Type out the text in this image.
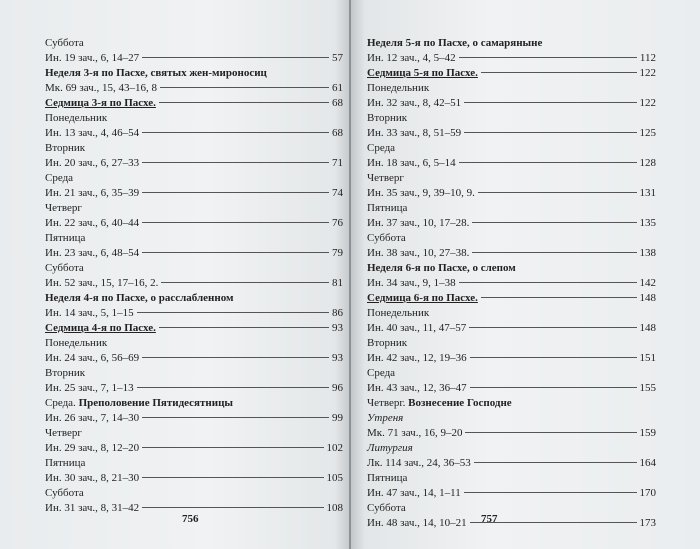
Суббота
Ин. 19 зач., 6, 14–27	57
Неделя 3-я по Пасхе, святых жен-мироносиц
Мк. 69 зач., 15, 43–16, 8	61
Седмица 3-я по Пасхе.	68
Понедельник
Ин. 13 зач., 4, 46–54	68
Вторник
Ин. 20 зач., 6, 27–33	71
Среда
Ин. 21 зач., 6, 35–39	74
Четверг
Ин. 22 зач., 6, 40–44	76
Пятница
Ин. 23 зач., 6, 48–54	79
Суббота
Ин. 52 зач., 15, 17–16, 2.	81
Неделя 4-я по Пасхе, о расслабленном
Ин. 14 зач., 5, 1–15	86
Седмица 4-я по Пасхе.	93
Понедельник
Ин. 24 зач., 6, 56–69	93
Вторник
Ин. 25 зач., 7, 1–13	96
Среда. Преполовение Пятидесятницы
Ин. 26 зач., 7, 14–30	99
Четверг
Ин. 29 зач., 8, 12–20	102
Пятница
Ин. 30 зач., 8, 21–30	105
Суббота
Ин. 31 зач., 8, 31–42	108
756
Неделя 5-я по Пасхе, о самаряныне
Ин. 12 зач., 4, 5–42	112
Седмица 5-я по Пасхе.	122
Понедельник
Ин. 32 зач., 8, 42–51	122
Вторник
Ин. 33 зач., 8, 51–59	125
Среда
Ин. 18 зач., 6, 5–14	128
Четверг
Ин. 35 зач., 9, 39–10, 9.	131
Пятница
Ин. 37 зач., 10, 17–28.	135
Суббота
Ин. 38 зач., 10, 27–38.	138
Неделя 6-я по Пасхе, о слепом
Ин. 34 зач., 9, 1–38	142
Седмица 6-я по Пасхе.	148
Понедельник
Ин. 40 зач., 11, 47–57	148
Вторник
Ин. 42 зач., 12, 19–36	151
Среда
Ин. 43 зач., 12, 36–47	155
Четверг. Вознесение Господне
Утреня
Мк. 71 зач., 16, 9–20	159
Литургия
Лк. 114 зач., 24, 36–53	164
Пятница
Ин. 47 зач., 14, 1–11	170
Суббота
Ин. 48 зач., 14, 10–21	173
757
